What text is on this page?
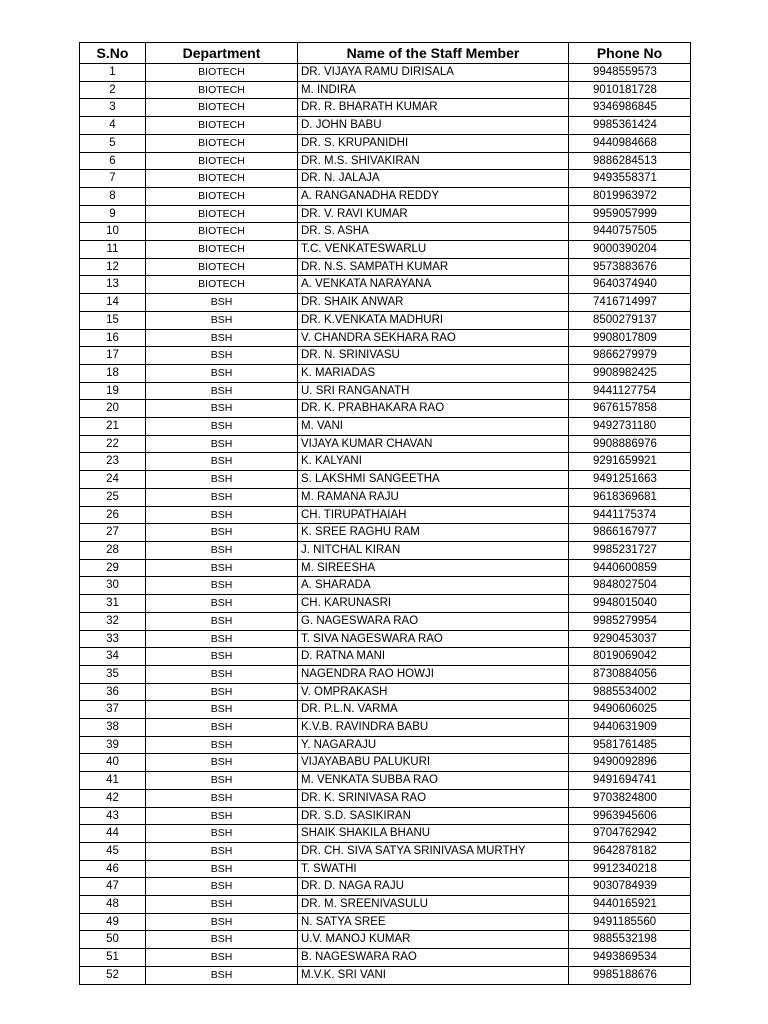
S.No	Department	Name of the Staff Member	Phone No
1	BIOTECH	DR. VIJAYA RAMU DIRISALA	9948559573
2	BIOTECH	M. INDIRA	9010181728
3	BIOTECH	DR. R. BHARATH KUMAR	9346986845
4	BIOTECH	D. JOHN BABU	9985361424
5	BIOTECH	DR. S. KRUPANIDHI	9440984668
6	BIOTECH	DR. M.S. SHIVAKIRAN	9886284513
7	BIOTECH	DR. N. JALAJA	9493558371
8	BIOTECH	A. RANGANADHA REDDY	8019963972
9	BIOTECH	DR. V. RAVI KUMAR	9959057999
10	BIOTECH	DR. S. ASHA	9440757505
11	BIOTECH	T.C. VENKATESWARLU	9000390204
12	BIOTECH	DR. N.S. SAMPATH KUMAR	9573883676
13	BIOTECH	A. VENKATA NARAYANA	9640374940
14	BSH	DR. SHAIK ANWAR	7416714997
15	BSH	DR. K.VENKATA MADHURI	8500279137
16	BSH	V. CHANDRA SEKHARA RAO	9908017809
17	BSH	DR. N. SRINIVASU	9866279979
18	BSH	K. MARIADAS	9908982425
19	BSH	U. SRI RANGANATH	9441127754
20	BSH	DR. K. PRABHAKARA RAO	9676157858
21	BSH	M. VANI	9492731180
22	BSH	VIJAYA KUMAR CHAVAN	9908886976
23	BSH	K. KALYANI	9291659921
24	BSH	S. LAKSHMI SANGEETHA	9491251663
25	BSH	M. RAMANA RAJU	9618369681
26	BSH	CH. TIRUPATHAIAH	9441175374
27	BSH	K. SREE RAGHU RAM	9866167977
28	BSH	J. NITCHAL KIRAN	9985231727
29	BSH	M. SIREESHA	9440600859
30	BSH	A. SHARADA	9848027504
31	BSH	CH. KARUNASRI	9948015040
32	BSH	G. NAGESWARA RAO	9985279954
33	BSH	T. SIVA NAGESWARA RAO	9290453037
34	BSH	D. RATNA MANI	8019069042
35	BSH	NAGENDRA RAO HOWJI	8730884056
36	BSH	V. OMPRAKASH	9885534002
37	BSH	DR. P.L.N. VARMA	9490606025
38	BSH	K.V.B. RAVINDRA BABU	9440631909
39	BSH	Y. NAGARAJU	9581761485
40	BSH	VIJAYABABU PALUKURI	9490092896
41	BSH	M. VENKATA SUBBA RAO	9491694741
42	BSH	DR. K. SRINIVASA RAO	9703824800
43	BSH	DR. S.D. SASIKIRAN	9963945606
44	BSH	SHAIK SHAKILA BHANU	9704762942
45	BSH	DR. CH. SIVA SATYA SRINIVASA MURTHY	9642878182
46	BSH	T. SWATHI	9912340218
47	BSH	DR. D. NAGA RAJU	9030784939
48	BSH	DR. M. SREENIVASULU	9440165921
49	BSH	N. SATYA SREE	9491185560
50	BSH	U.V. MANOJ KUMAR	9885532198
51	BSH	B. NAGESWARA RAO	9493869534
52	BSH	M.V.K. SRI VANI	9985188676
